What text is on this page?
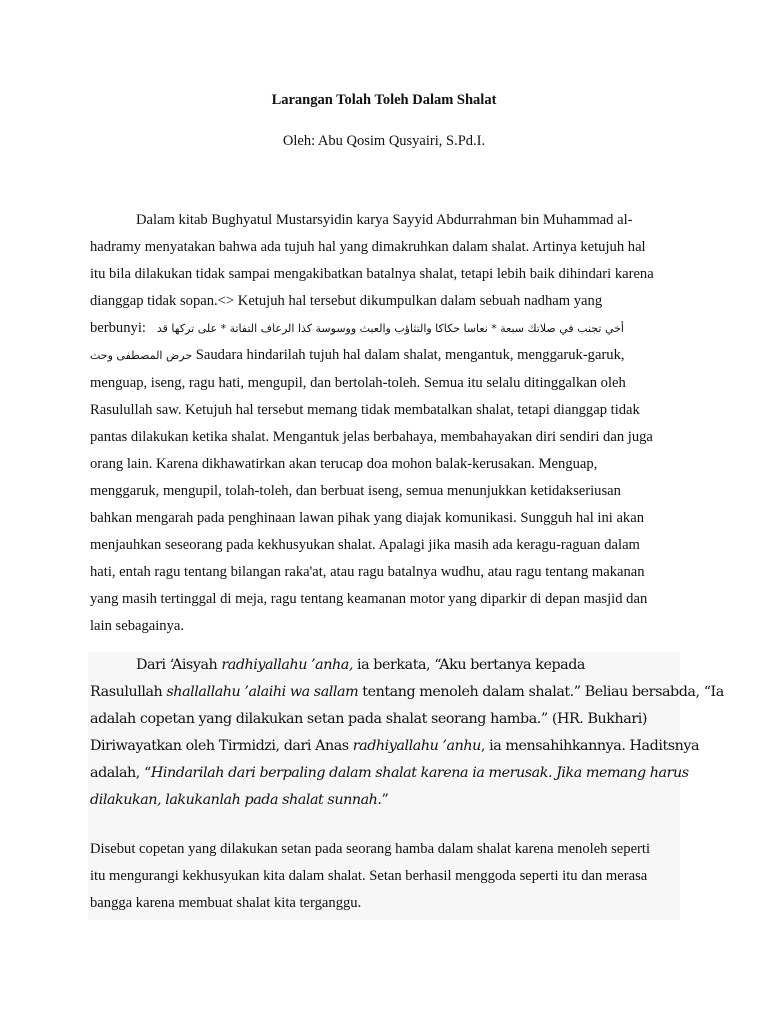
Larangan Tolah Toleh Dalam Shalat
Oleh: Abu Qosim Qusyairi, S.Pd.I.
Dalam kitab Bughyatul Mustarsyidin karya Sayyid Abdurrahman bin Muhammad al-
hadramy menyatakan bahwa ada tujuh hal yang dimakruhkan dalam shalat. Artinya ketujuh hal
itu bila dilakukan tidak sampai mengakibatkan batalnya shalat, tetapi lebih baik dihindari karena
dianggap tidak sopan.<> Ketujuh hal tersebut dikumpulkan dalam sebuah nadham yang
berbunyi: أخي تجنب في صلاتك سبعة * نعاسا حكاكا والتثاؤب والعبث ووسوسة كذا الرعاف التفاتة * على تركها قد
حرض المصطفى وحث Saudara hindarilah tujuh hal dalam shalat, mengantuk, menggaruk-garuk,
menguap, iseng, ragu hati, mengupil, dan bertolah-toleh. Semua itu selalu ditinggalkan oleh
Rasulullah saw. Ketujuh hal tersebut memang tidak membatalkan shalat, tetapi dianggap tidak
pantas dilakukan ketika shalat. Mengantuk jelas berbahaya, membahayakan diri sendiri dan juga
orang lain. Karena dikhawatirkan akan terucap doa mohon balak-kerusakan. Menguap,
menggaruk, mengupil, tolah-toleh, dan berbuat iseng, semua menunjukkan ketidakseriusan
bahkan mengarah pada penghinaan lawan pihak yang diajak komunikasi. Sungguh hal ini akan
menjauhkan seseorang pada kekhusyukan shalat. Apalagi jika masih ada keragu-raguan dalam
hati, entah ragu tentang bilangan raka'at, atau ragu batalnya wudhu, atau ragu tentang makanan
yang masih tertinggal di meja, ragu tentang keamanan motor yang diparkir di depan masjid dan
lain sebagainya.
Dari ‘Aisyah radhiyallahu ’anha, ia berkata, “Aku bertanya kepada
Rasulullah shallallahu ’alaihi wa sallam tentang menoleh dalam shalat.” Beliau bersabda, “Ia
adalah copetan yang dilakukan setan pada shalat seorang hamba.” (HR. Bukhari)
Diriwayatkan oleh Tirmidzi, dari Anas radhiyallahu ’anhu, ia mensahihkannya. Haditsnya
adalah, “Hindarilah dari berpaling dalam shalat karena ia merusak. Jika memang harus
dilakukan, lakukanlah pada shalat sunnah.”
Disebut copetan yang dilakukan setan pada seorang hamba dalam shalat karena menoleh seperti
itu mengurangi kekhusyukan kita dalam shalat. Setan berhasil menggoda seperti itu dan merasa
bangga karena membuat shalat kita terganggu.
